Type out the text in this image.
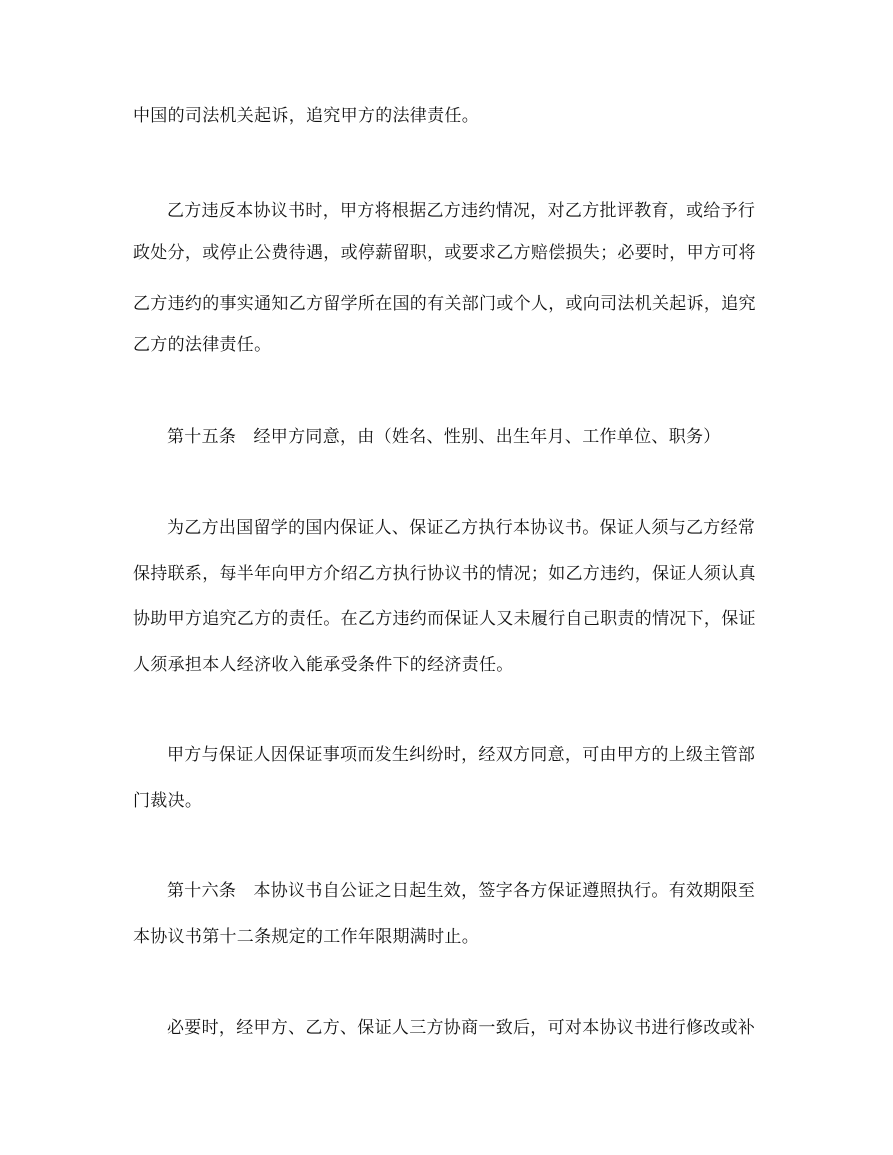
中国的司法机关起诉，追究甲方的法律责任。
乙方违反本协议书时，甲方将根据乙方违约情况，对乙方批评教育，或给予行
政处分，或停止公费待遇，或停薪留职，或要求乙方赔偿损失；必要时，甲方可将
乙方违约的事实通知乙方留学所在国的有关部门或个人，或向司法机关起诉，追究
乙方的法律责任。
第十五条　经甲方同意，由（姓名、性别、出生年月、工作单位、职务）
为乙方出国留学的国内保证人、保证乙方执行本协议书。保证人须与乙方经常
保持联系，每半年向甲方介绍乙方执行协议书的情况；如乙方违约，保证人须认真
协助甲方追究乙方的责任。在乙方违约而保证人又未履行自己职责的情况下，保证
人须承担本人经济收入能承受条件下的经济责任。
甲方与保证人因保证事项而发生纠纷时，经双方同意，可由甲方的上级主管部
门裁决。
第十六条　本协议书自公证之日起生效，签字各方保证遵照执行。有效期限至
本协议书第十二条规定的工作年限期满时止。
必要时，经甲方、乙方、保证人三方协商一致后，可对本协议书进行修改或补
